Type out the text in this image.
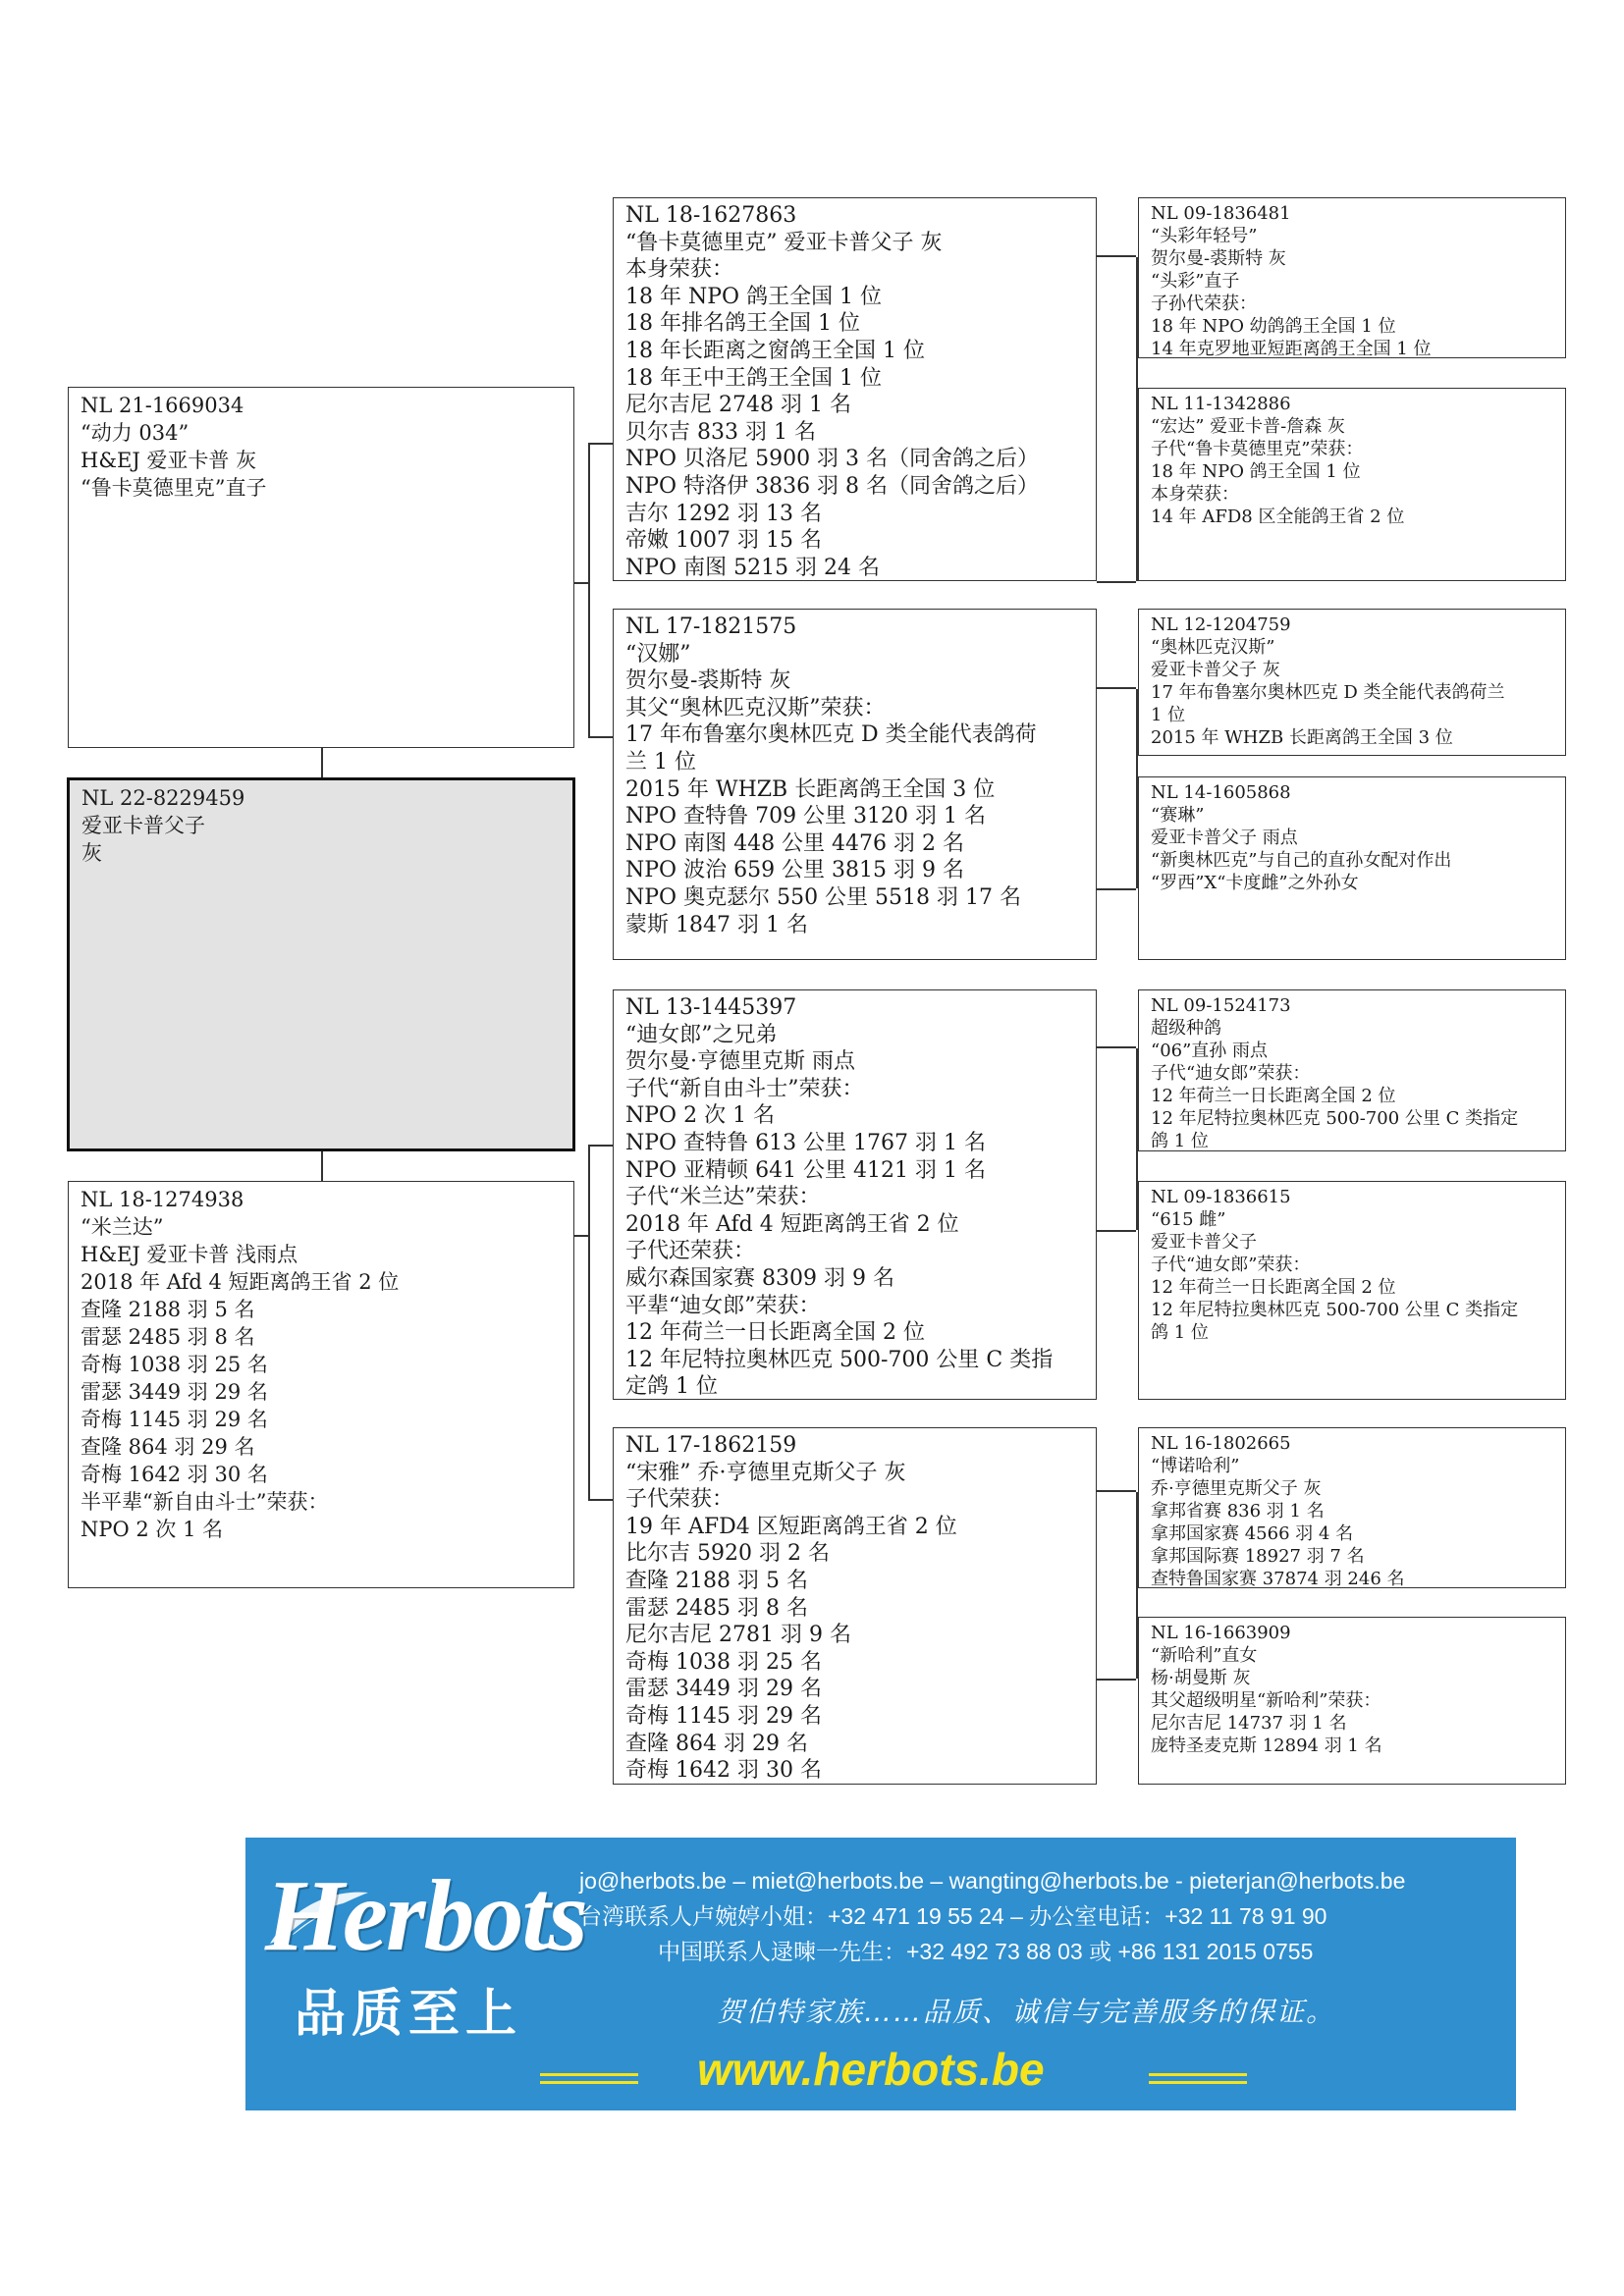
NL 21-1669034
“动力 034”
H&EJ 爱亚卡普 灰
“鲁卡莫德里克”直子
NL 22-8229459
爱亚卡普父子
灰
NL 18-1274938
“米兰达”
H&EJ 爱亚卡普 浅雨点
2018 年 Afd 4 短距离鸽王省 2 位
查隆 2188 羽 5 名
雷瑟 2485 羽 8 名
奇梅 1038 羽 25 名
雷瑟 3449 羽 29 名
奇梅 1145 羽 29 名
查隆 864 羽 29 名
奇梅 1642 羽 30 名
半平辈“新自由斗士”荣获：
NPO 2 次 1 名
NL 18-1627863
“鲁卡莫德里克” 爱亚卡普父子 灰
本身荣获：
18 年 NPO 鸽王全国 1 位
18 年排名鸽王全国 1 位
18 年长距离之窗鸽王全国 1 位
18 年王中王鸽王全国 1 位
尼尔吉尼 2748 羽 1 名
贝尔吉 833 羽 1 名
NPO 贝洛尼 5900 羽 3 名（同舍鸽之后）
NPO 特洛伊 3836 羽 8 名（同舍鸽之后）
吉尔 1292 羽 13 名
帝嫩 1007 羽 15 名
NPO 南图 5215 羽 24 名
NL 17-1821575
“汉娜”
贺尔曼-裘斯特 灰
其父“奥林匹克汉斯”荣获：
17 年布鲁塞尔奥林匹克 D 类全能代表鸽荷
兰 1 位
2015 年 WHZB 长距离鸽王全国 3 位
NPO 查特鲁 709 公里 3120 羽 1 名
NPO 南图 448 公里 4476 羽 2 名
NPO 波治 659 公里 3815 羽 9 名
NPO 奥克瑟尔 550 公里 5518 羽 17 名
蒙斯 1847 羽 1 名
NL 13-1445397
“迪女郎”之兄弟
贺尔曼·亨德里克斯 雨点
子代“新自由斗士”荣获：
NPO 2 次 1 名
NPO 查特鲁 613 公里 1767 羽 1 名
NPO 亚精顿 641 公里 4121 羽 1 名
子代“米兰达”荣获：
2018 年 Afd 4 短距离鸽王省 2 位
子代还荣获：
威尔森国家赛 8309 羽 9 名
平辈“迪女郎”荣获：
12 年荷兰一日长距离全国 2 位
12 年尼特拉奥林匹克 500-700 公里 C 类指
定鸽 1 位
NL 17-1862159
“宋雅” 乔·亨德里克斯父子 灰
子代荣获：
19 年 AFD4 区短距离鸽王省 2 位
比尔吉 5920 羽 2 名
查隆 2188 羽 5 名
雷瑟 2485 羽 8 名
尼尔吉尼 2781 羽 9 名
奇梅 1038 羽 25 名
雷瑟 3449 羽 29 名
奇梅 1145 羽 29 名
查隆 864 羽 29 名
奇梅 1642 羽 30 名
NL 09-1836481
“头彩年轻号”
贺尔曼-裘斯特 灰
“头彩”直子
子孙代荣获：
18 年 NPO 幼鸽鸽王全国 1 位
14 年克罗地亚短距离鸽王全国 1 位
NL 11-1342886
“宏达” 爱亚卡普-詹森 灰
子代“鲁卡莫德里克”荣获：
18 年 NPO 鸽王全国 1 位
本身荣获：
14 年 AFD8 区全能鸽王省 2 位
NL 12-1204759
“奥林匹克汉斯”
爱亚卡普父子 灰
17 年布鲁塞尔奥林匹克 D 类全能代表鸽荷兰
1 位
2015 年 WHZB 长距离鸽王全国 3 位
NL 14-1605868
“赛琳”
爱亚卡普父子 雨点
“新奥林匹克”与自己的直孙女配对作出
“罗西”X“卡度雌”之外孙女
NL 09-1524173
超级种鸽
“06”直孙 雨点
子代“迪女郎”荣获：
12 年荷兰一日长距离全国 2 位
12 年尼特拉奥林匹克 500-700 公里 C 类指定
鸽 1 位
NL 09-1836615
“615 雌”
爱亚卡普父子
子代“迪女郎”荣获：
12 年荷兰一日长距离全国 2 位
12 年尼特拉奥林匹克 500-700 公里 C 类指定
鸽 1 位
NL 16-1802665
“博诺哈利”
乔·亨德里克斯父子 灰
拿邦省赛 836 羽 1 名
拿邦国家赛 4566 羽 4 名
拿邦国际赛 18927 羽 7 名
查特鲁国家赛 37874 羽 246 名
NL 16-1663909
“新哈利”直女
杨·胡曼斯 灰
其父超级明星“新哈利”荣获：
尼尔吉尼 14737 羽 1 名
庞特圣麦克斯 12894 羽 1 名
Herbots
品质至上
jo@herbots.be – miet@herbots.be – wangting@herbots.be - pieterjan@herbots.be
台湾联系人卢婉婷小姐：+32 471 19 55 24 – 办公室电话：+32 11 78 91 90
中国联系人逯暕一先生：+32 492 73 88 03 或 +86 131 2015 0755
贺伯特家族……品质、诚信与完善服务的保证。
www.herbots.be
